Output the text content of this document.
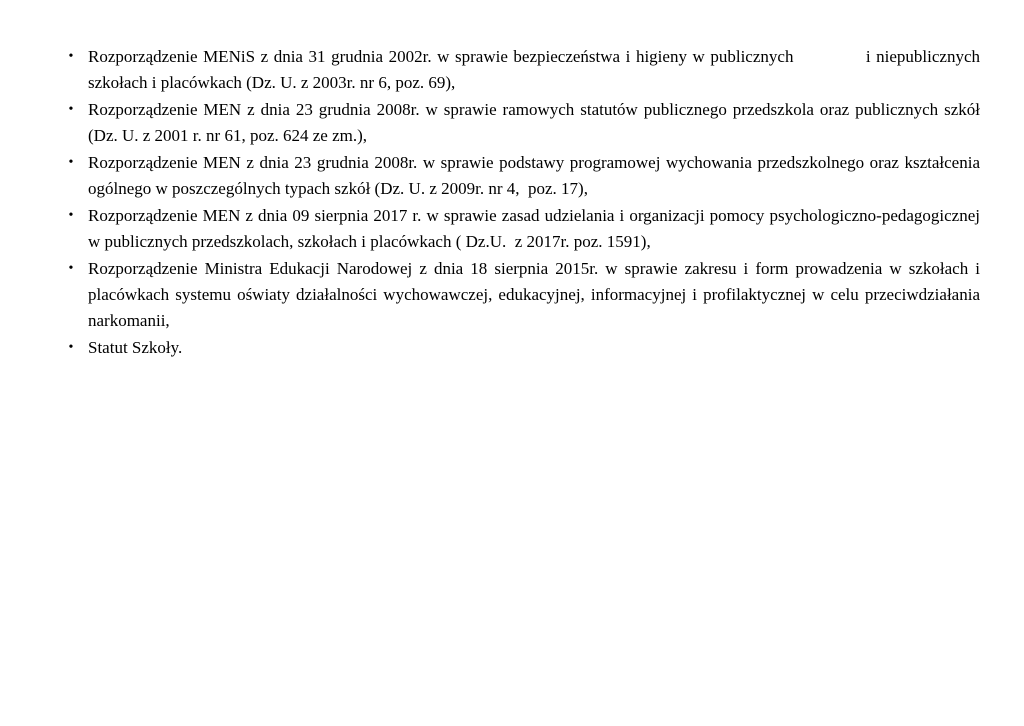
• Rozporządzenie MENiS z dnia 31 grudnia 2002r. w sprawie bezpieczeństwa i higieny w publicznych             i niepublicznych szkołach i placówkach (Dz. U. z 2003r. nr 6, poz. 69),
• Rozporządzenie MEN z dnia 23 grudnia 2008r. w sprawie ramowych statutów publicznego przedszkola oraz publicznych szkół (Dz. U. z 2001 r. nr 61, poz. 624 ze zm.),
• Rozporządzenie MEN z dnia 23 grudnia 2008r. w sprawie podstawy programowej wychowania przedszkolnego oraz kształcenia ogólnego w poszczególnych typach szkół (Dz. U. z 2009r. nr 4,  poz. 17),
• Rozporządzenie MEN z dnia 09 sierpnia 2017 r. w sprawie zasad udzielania i organizacji pomocy psychologiczno-pedagogicznej w publicznych przedszkolach, szkołach i placówkach ( Dz.U.  z 2017r. poz. 1591),
• Rozporządzenie Ministra Edukacji Narodowej z dnia 18 sierpnia 2015r. w sprawie zakresu i form prowadzenia w szkołach i placówkach systemu oświaty działalności wychowawczej, edukacyjnej, informacyjnej i profilaktycznej w celu przeciwdziałania narkomanii,
• Statut Szkoły.
